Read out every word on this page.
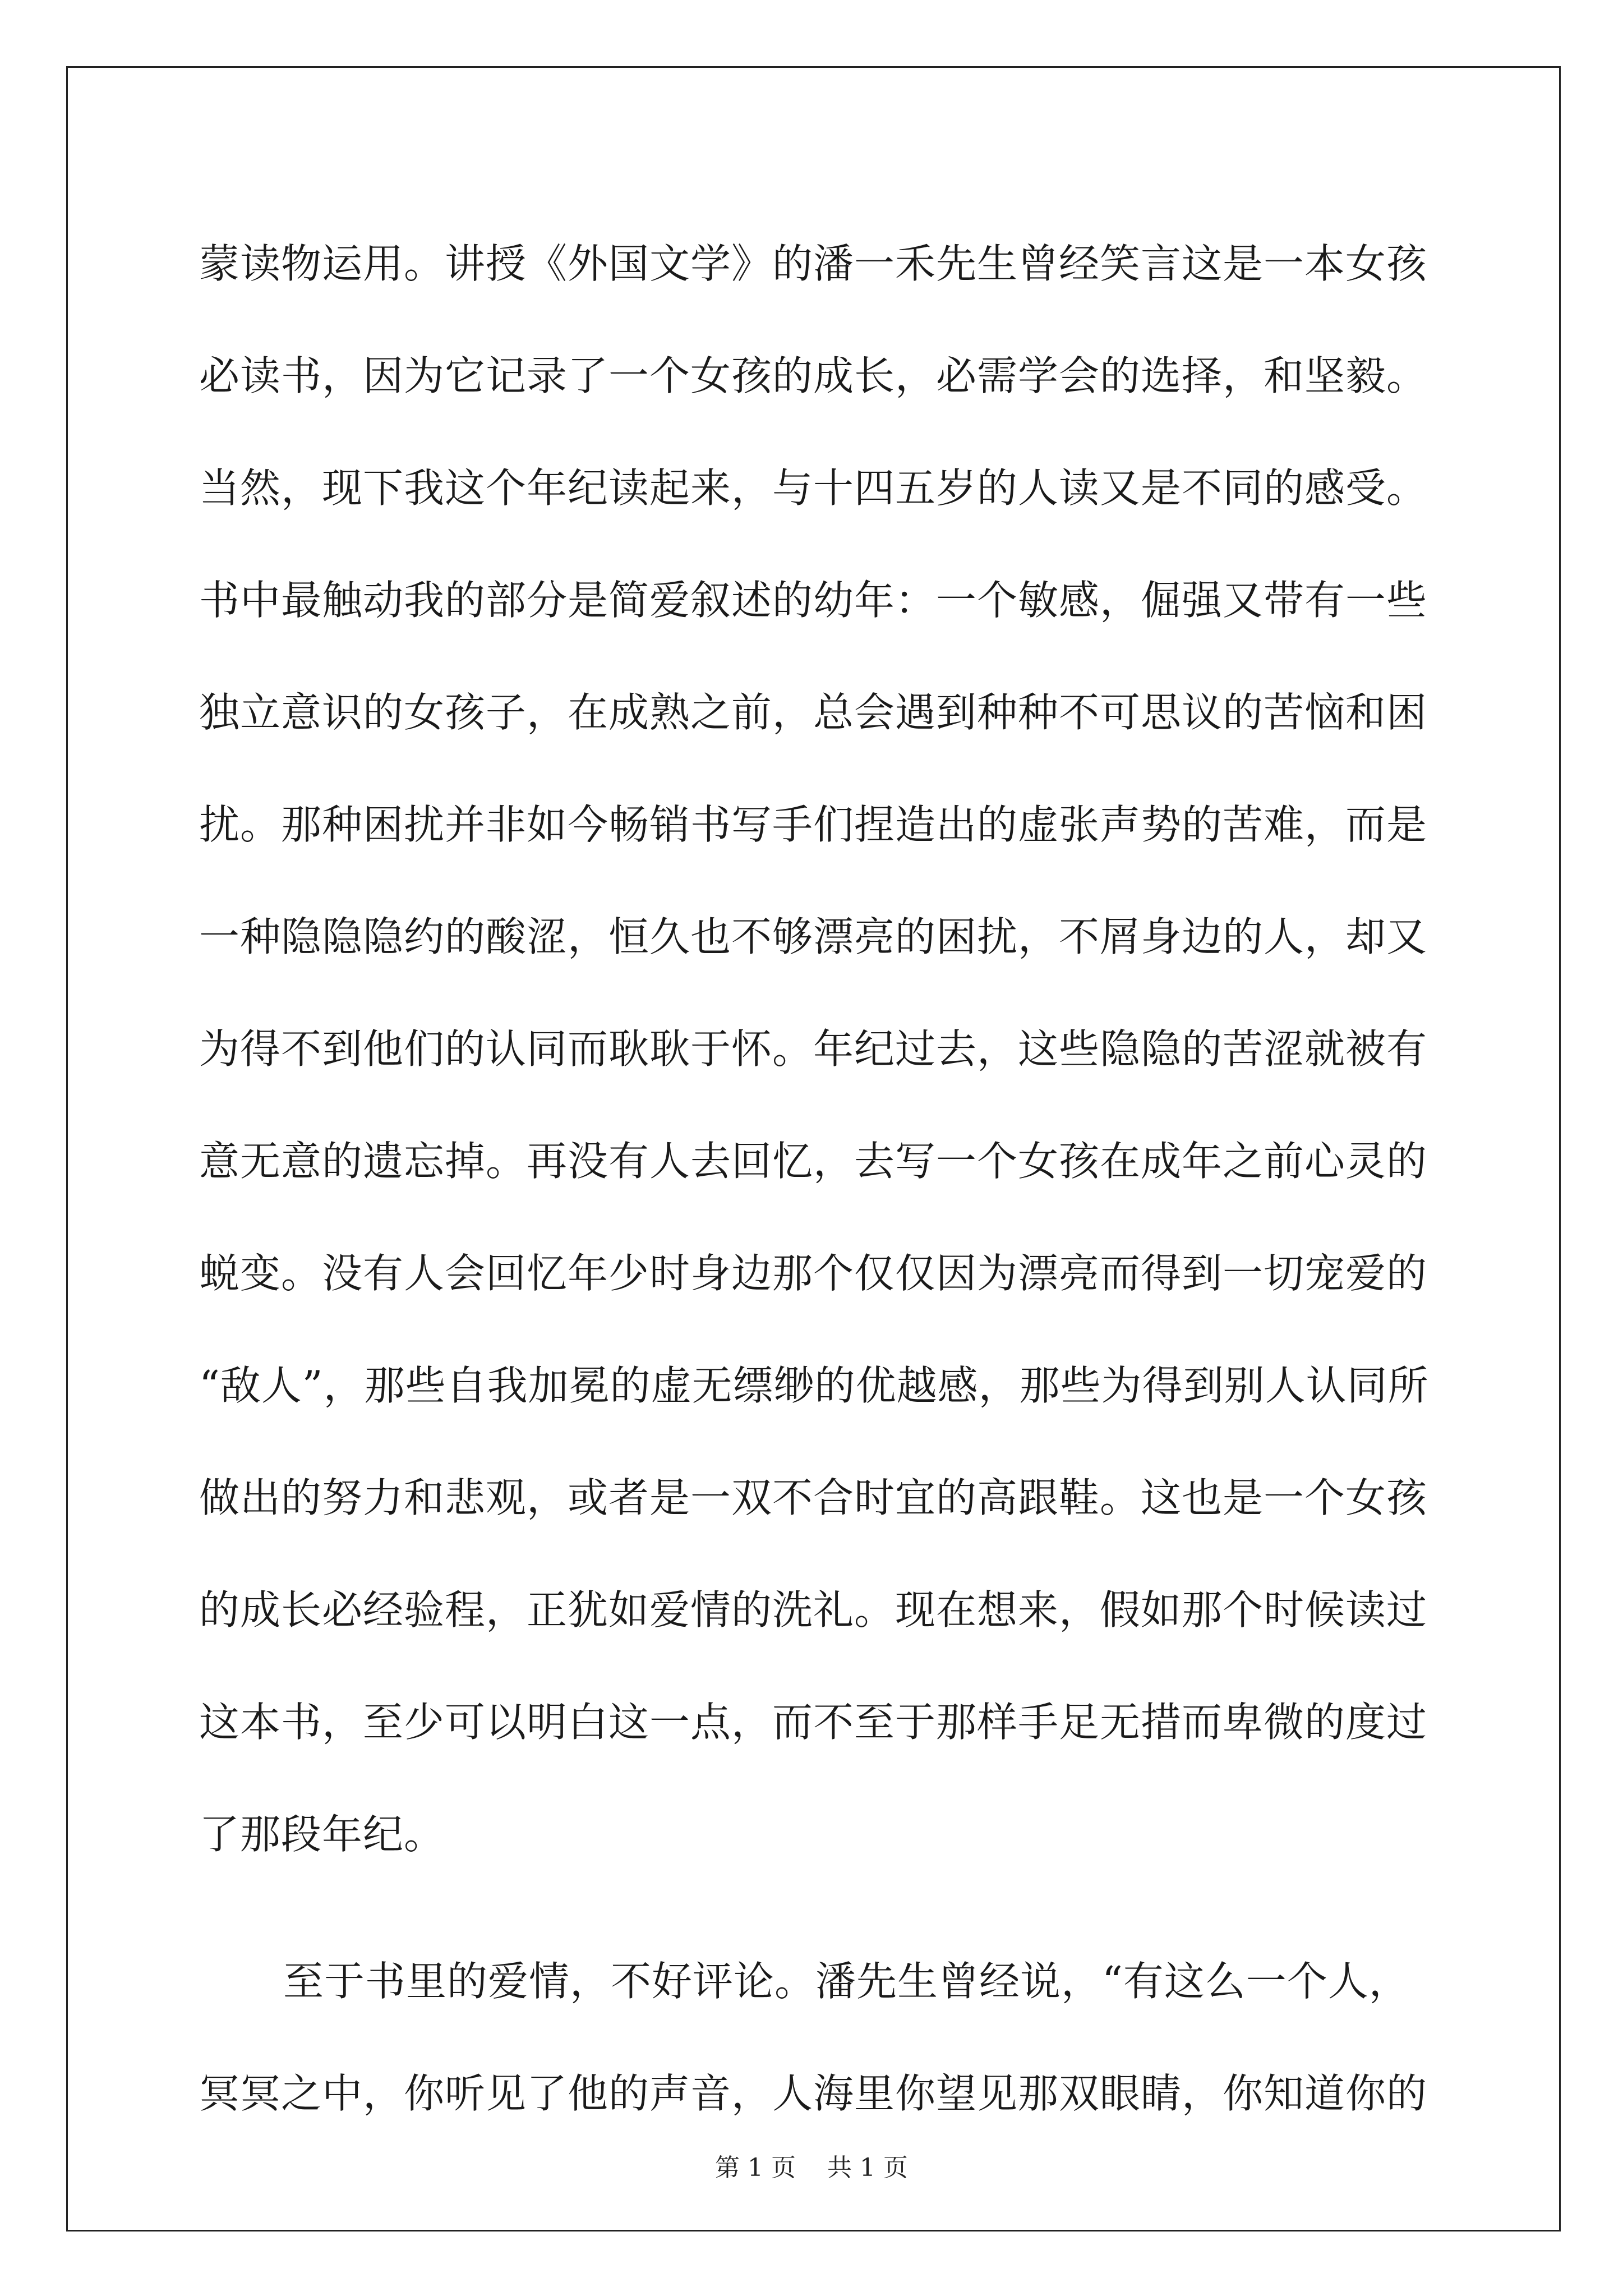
蒙读物运用。讲授《外国文学》的潘一禾先生曾经笑言这是一本女孩
必读书，因为它记录了一个女孩的成长，必需学会的选择，和坚毅。
当然，现下我这个年纪读起来，与十四五岁的人读又是不同的感受。
书中最触动我的部分是简爱叙述的幼年：一个敏感，倔强又带有一些
独立意识的女孩子，在成熟之前，总会遇到种种不可思议的苦恼和困
扰。那种困扰并非如今畅销书写手们捏造出的虚张声势的苦难，而是
一种隐隐隐约的酸涩，恒久也不够漂亮的困扰，不屑身边的人，却又
为得不到他们的认同而耿耿于怀。年纪过去，这些隐隐的苦涩就被有
意无意的遗忘掉。再没有人去回忆，去写一个女孩在成年之前心灵的
蜕变。没有人会回忆年少时身边那个仅仅因为漂亮而得到一切宠爱的
“敌人”，那些自我加冕的虚无缥缈的优越感，那些为得到别人认同所
做出的努力和悲观，或者是一双不合时宜的高跟鞋。这也是一个女孩
的成长必经验程，正犹如爱情的洗礼。现在想来，假如那个时候读过
这本书，至少可以明白这一点，而不至于那样手足无措而卑微的度过
了那段年纪。
至于书里的爱情，不好评论。潘先生曾经说，“有这么一个人，
冥冥之中，你听见了他的声音，人海里你望见那双眼睛，你知道你的
第 1 页    共 1 页
